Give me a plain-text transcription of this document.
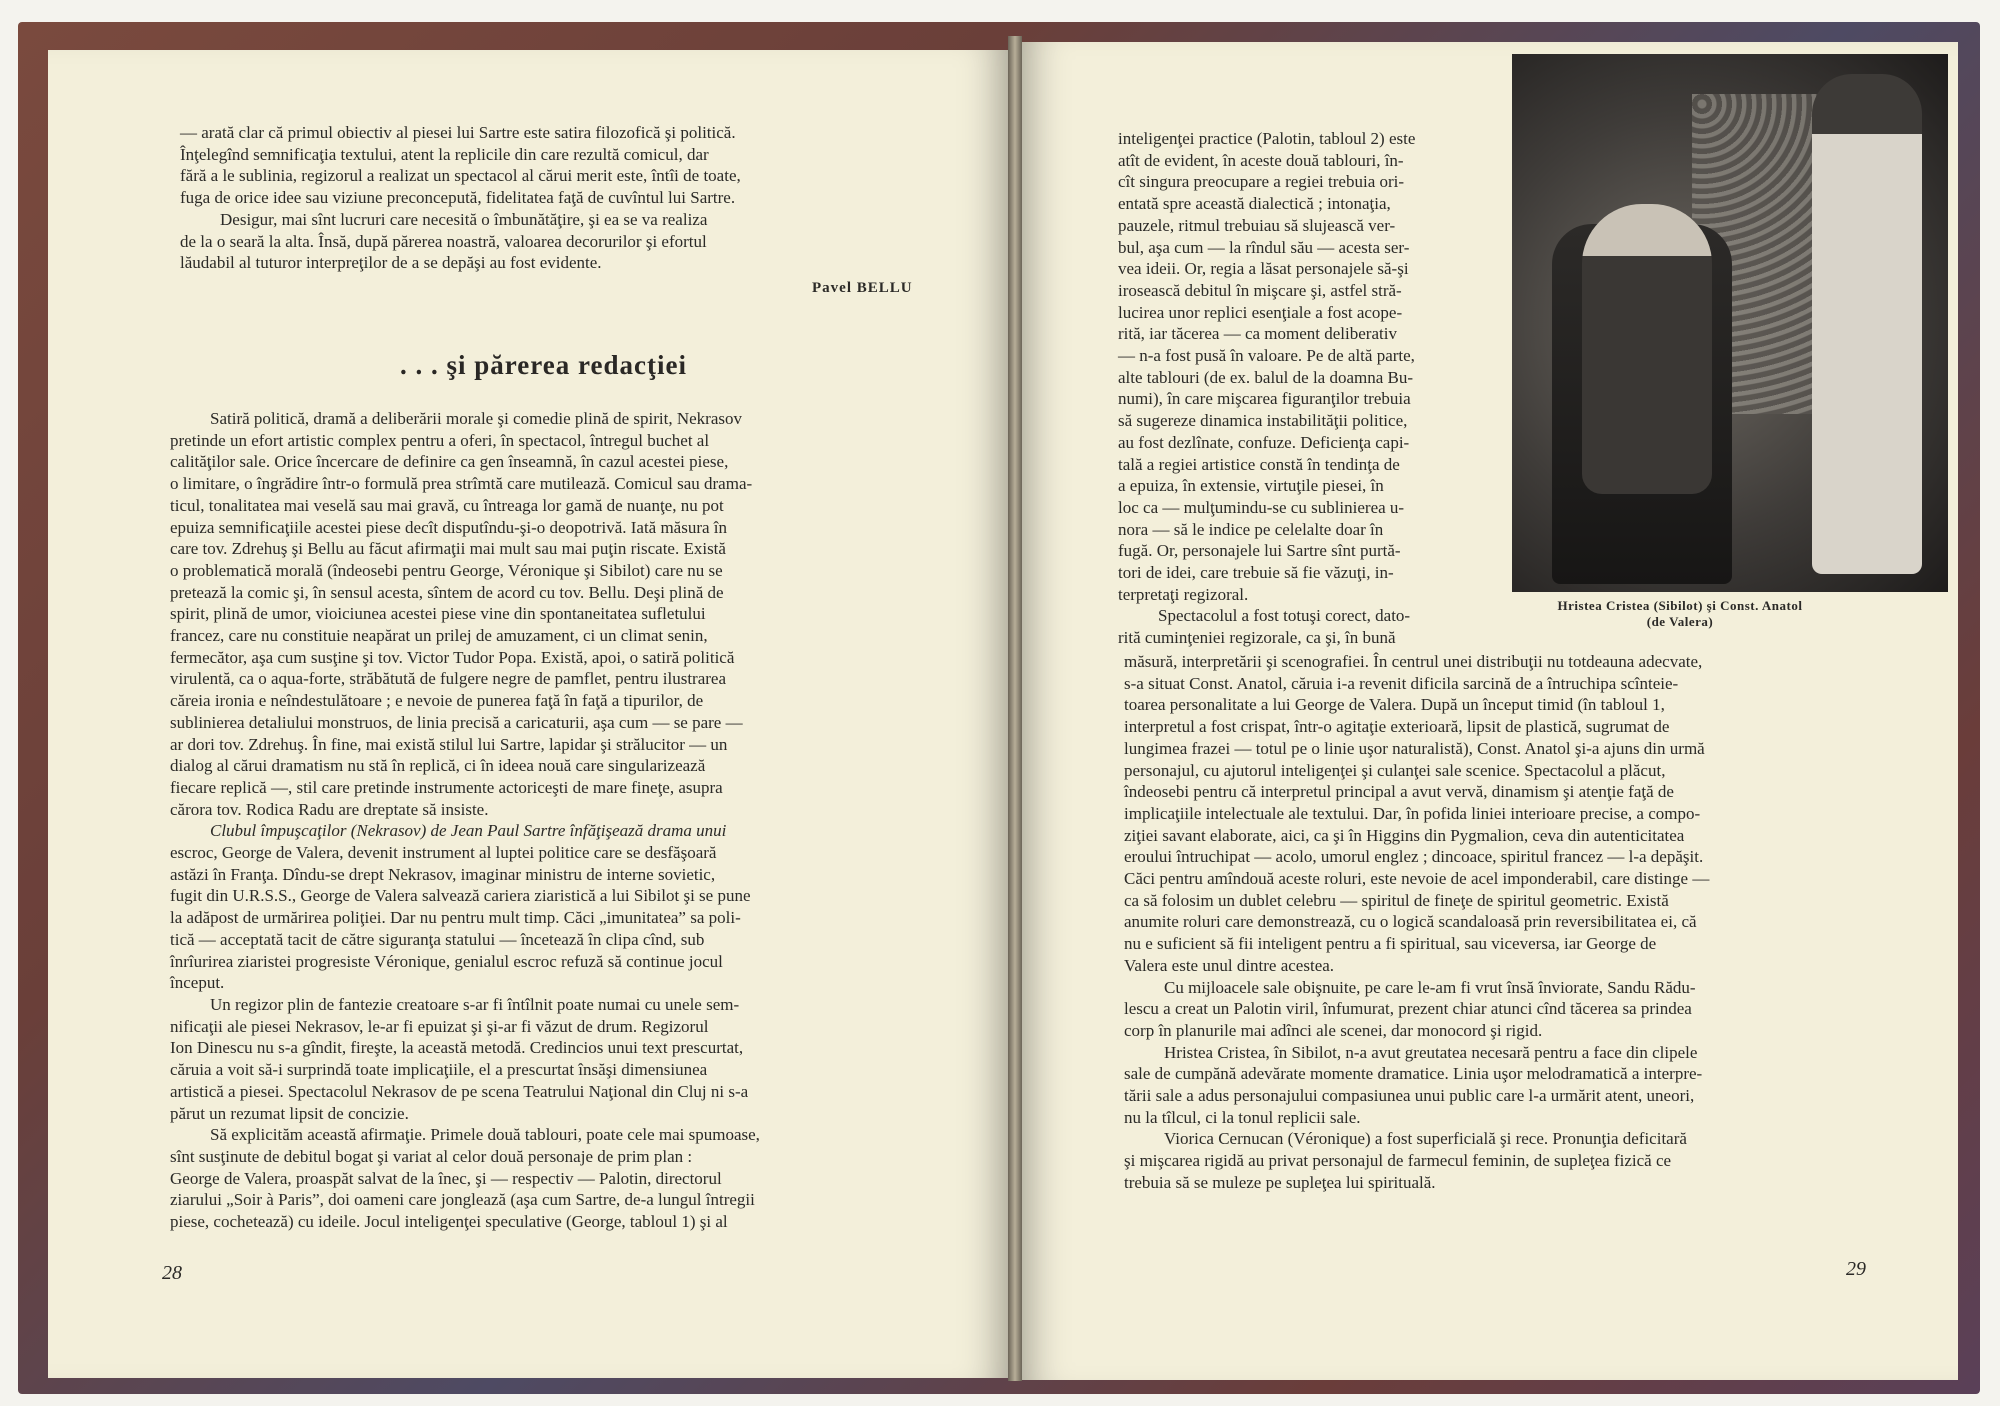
— arată clar că primul obiectiv al piesei lui Sartre este satira filozofică şi politică.

Înţelegînd semnificaţia textului, atent la replicile din care rezultă comicul, dar

fără a le sublinia, regizorul a realizat un spectacol al cărui merit este, întîi de toate,

fuga de orice idee sau viziune preconcepută, fidelitatea faţă de cuvîntul lui Sartre.

Desigur, mai sînt lucruri care necesită o îmbunătăţire, şi ea se va realiza

de la o seară la alta. Însă, după părerea noastră, valoarea decorurilor şi efortul

lăudabil al tuturor interpreţilor de a se depăşi au fost evidente.

Pavel BELLU
. . . şi părerea redacţiei

Satiră politică, dramă a deliberării morale şi comedie plină de spirit, Nekrasov

pretinde un efort artistic complex pentru a oferi, în spectacol, întregul buchet al

calităţilor sale. Orice încercare de definire ca gen înseamnă, în cazul acestei piese,

o limitare, o îngrădire într-o formulă prea strîmtă care mutilează. Comicul sau drama-

ticul, tonalitatea mai veselă sau mai gravă, cu întreaga lor gamă de nuanţe, nu pot

epuiza semnificaţiile acestei piese decît disputîndu-şi-o deopotrivă. Iată măsura în

care tov. Zdrehuş şi Bellu au făcut afirmaţii mai mult sau mai puţin riscate. Există

o problematică morală (îndeosebi pentru George, Véronique şi Sibilot) care nu se

pretează la comic şi, în sensul acesta, sîntem de acord cu tov. Bellu. Deşi plină de

spirit, plină de umor, vioiciunea acestei piese vine din spontaneitatea sufletului

francez, care nu constituie neapărat un prilej de amuzament, ci un climat senin,

fermecător, aşa cum susţine şi tov. Victor Tudor Popa. Există, apoi, o satiră politică

virulentă, ca o aqua-forte, străbătută de fulgere negre de pamflet, pentru ilustrarea

căreia ironia e neîndestulătoare ; e nevoie de punerea faţă în faţă a tipurilor, de

sublinierea detaliului monstruos, de linia precisă a caricaturii, aşa cum — se pare —

ar dori tov. Zdrehuş. În fine, mai există stilul lui Sartre, lapidar şi strălucitor — un

dialog al cărui dramatism nu stă în replică, ci în ideea nouă care singularizează

fiecare replică —, stil care pretinde instrumente actoriceşti de mare fineţe, asupra

cărora tov. Rodica Radu are dreptate să insiste.

Clubul împuşcaţilor (Nekrasov) de Jean Paul Sartre înfăţişează drama unui

escroc, George de Valera, devenit instrument al luptei politice care se desfăşoară

astăzi în Franţa. Dîndu-se drept Nekrasov, imaginar ministru de interne sovietic,

fugit din U.R.S.S., George de Valera salvează cariera ziaristică a lui Sibilot şi se pune

la adăpost de urmărirea poliţiei. Dar nu pentru mult timp. Căci „imunitatea” sa poli-

tică — acceptată tacit de către siguranţa statului — încetează în clipa cînd, sub

înrîurirea ziaristei progresiste Véronique, genialul escroc refuză să continue jocul

început.

Un regizor plin de fantezie creatoare s-ar fi întîlnit poate numai cu unele sem-

nificaţii ale piesei Nekrasov, le-ar fi epuizat şi şi-ar fi văzut de drum. Regizorul

Ion Dinescu nu s-a gîndit, fireşte, la această metodă. Credincios unui text prescurtat,

căruia a voit să-i surprindă toate implicaţiile, el a prescurtat însăşi dimensiunea

artistică a piesei. Spectacolul Nekrasov de pe scena Teatrului Naţional din Cluj ni s-a

părut un rezumat lipsit de concizie.

Să explicităm această afirmaţie. Primele două tablouri, poate cele mai spumoase,

sînt susţinute de debitul bogat şi variat al celor două personaje de prim plan :

George de Valera, proaspăt salvat de la înec, şi — respectiv — Palotin, directorul

ziarului „Soir à Paris”, doi oameni care jonglează (aşa cum Sartre, de-a lungul întregii

piese, cochetează) cu ideile. Jocul inteligenţei speculative (George, tabloul 1) şi al

28

inteligenţei practice (Palotin, tabloul 2) este

atît de evident, în aceste două tablouri, în-

cît singura preocupare a regiei trebuia ori-

entată spre această dialectică ; intonaţia,

pauzele, ritmul trebuiau să slujească ver-

bul, aşa cum — la rîndul său — acesta ser-

vea ideii. Or, regia a lăsat personajele să-şi

irosească debitul în mişcare şi, astfel stră-

lucirea unor replici esenţiale a fost acope-

rită, iar tăcerea — ca moment deliberativ

— n-a fost pusă în valoare. Pe de altă parte,

alte tablouri (de ex. balul de la doamna Bu-

numi), în care mişcarea figuranţilor trebuia

să sugereze dinamica instabilităţii politice,

au fost dezlînate, confuze. Deficienţa capi-

tală a regiei artistice constă în tendinţa de

a epuiza, în extensie, virtuţile piesei, în

loc ca — mulţumindu-se cu sublinierea u-

nora — să le indice pe celelalte doar în

fugă. Or, personajele lui Sartre sînt purtă-

tori de idei, care trebuie să fie văzuţi, in-

terpretaţi regizoral.

Spectacolul a fost totuşi corect, dato-

rită cuminţeniei regizorale, ca şi, în bună

Hristea Cristea (Sibilot) şi Const. Anatol
(de Valera)

măsură, interpretării şi scenografiei. În centrul unei distribuţii nu totdeauna adecvate,

s-a situat Const. Anatol, căruia i-a revenit dificila sarcină de a întruchipa scînteie-

toarea personalitate a lui George de Valera. După un început timid (în tabloul 1,

interpretul a fost crispat, într-o agitaţie exterioară, lipsit de plastică, sugrumat de

lungimea frazei — totul pe o linie uşor naturalistă), Const. Anatol şi-a ajuns din urmă

personajul, cu ajutorul inteligenţei şi culanţei sale scenice. Spectacolul a plăcut,

îndeosebi pentru că interpretul principal a avut vervă, dinamism şi atenţie faţă de

implicaţiile intelectuale ale textului. Dar, în pofida liniei interioare precise, a compo-

ziţiei savant elaborate, aici, ca şi în Higgins din Pygmalion, ceva din autenticitatea

eroului întruchipat — acolo, umorul englez ; dincoace, spiritul francez — l-a depăşit.

Căci pentru amîndouă aceste roluri, este nevoie de acel imponderabil, care distinge —

ca să folosim un dublet celebru — spiritul de fineţe de spiritul geometric. Există

anumite roluri care demonstrează, cu o logică scandaloasă prin reversibilitatea ei, că

nu e suficient să fii inteligent pentru a fi spiritual, sau viceversa, iar George de

Valera este unul dintre acestea.

Cu mijloacele sale obişnuite, pe care le-am fi vrut însă înviorate, Sandu Rădu-

lescu a creat un Palotin viril, înfumurat, prezent chiar atunci cînd tăcerea sa prindea

corp în planurile mai adînci ale scenei, dar monocord şi rigid.

Hristea Cristea, în Sibilot, n-a avut greutatea necesară pentru a face din clipele

sale de cumpănă adevărate momente dramatice. Linia uşor melodramatică a interpre-

tării sale a adus personajului compasiunea unui public care l-a urmărit atent, uneori,

nu la tîlcul, ci la tonul replicii sale.

Viorica Cernucan (Véronique) a fost superficială şi rece. Pronunţia deficitară

şi mişcarea rigidă au privat personajul de farmecul feminin, de supleţea fizică ce

trebuia să se muleze pe supleţea lui spirituală.

29
